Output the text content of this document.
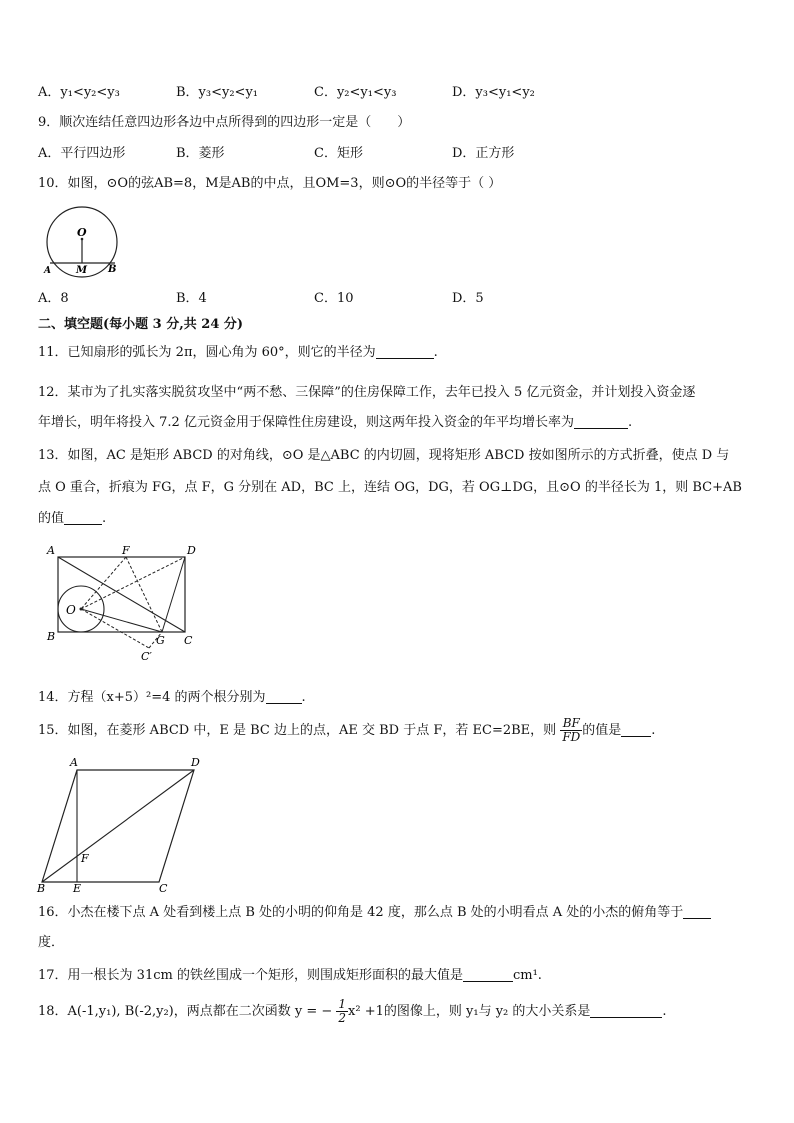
A．y₁<y₂<y₃	B．y₃<y₂<y₁	C．y₂<y₁<y₃	D．y₃<y₁<y₂
9．顺次连结任意四边形各边中点所得到的四边形一定是（　　）
A．平行四边形	B．菱形	C．矩形	D．正方形
10．如图，⊙O的弦AB=8，M是AB的中点，且OM=3，则⊙O的半径等于（ ）
O
A	M B
A．8	B．4	C．10	D．5
二、填空题(每小题 3 分,共 24 分)
11．已知扇形的弧长为 2π，圆心角为 60°，则它的半径为	.
12．某市为了扎实落实脱贫攻坚中“两不愁、三保障”的住房保障工作，去年已投入 5 亿元资金，并计划投入资金逐
年增长，明年将投入 7.2 亿元资金用于保障性住房建设，则这两年投入资金的年平均增长率为	.
13．如图，AC 是矩形 ABCD 的对角线，⊙O 是△ABC 的内切圆，现将矩形 ABCD 按如图所示的方式折叠，使点 D 与
点 O 重合，折痕为 FG，点 F，G 分别在 AD，BC 上，连结 OG，DG，若 OG⊥DG，且⊙O 的半径长为 1，则 BC+AB
的值	.
A	F	D
O
B	G C
C′
14．方程（x+5）²=4 的两个根分别为	.
15．如图，在菱形 ABCD 中，E 是 BC 边上的点，AE 交 BD 于点 F，若 EC=2BE，则 $\frac{BF}{FD}$ 的值是 .
A	D
F
B	E	C
16．小杰在楼下点 A 处看到楼上点 B 处的小明的仰角是 42 度，那么点 B 处的小明看点 A 处的小杰的俯角等于
度．
17．用一根长为 31cm 的铁丝围成一个矩形，则围成矩形面积的最大值是	cm¹.
18．A(-1,y₁), B(-2,y₂)，两点都在二次函数 y = − $\frac{1}{2} x^2 +1$的图像上，则 y₁与 y₂ 的大小关系是	.
